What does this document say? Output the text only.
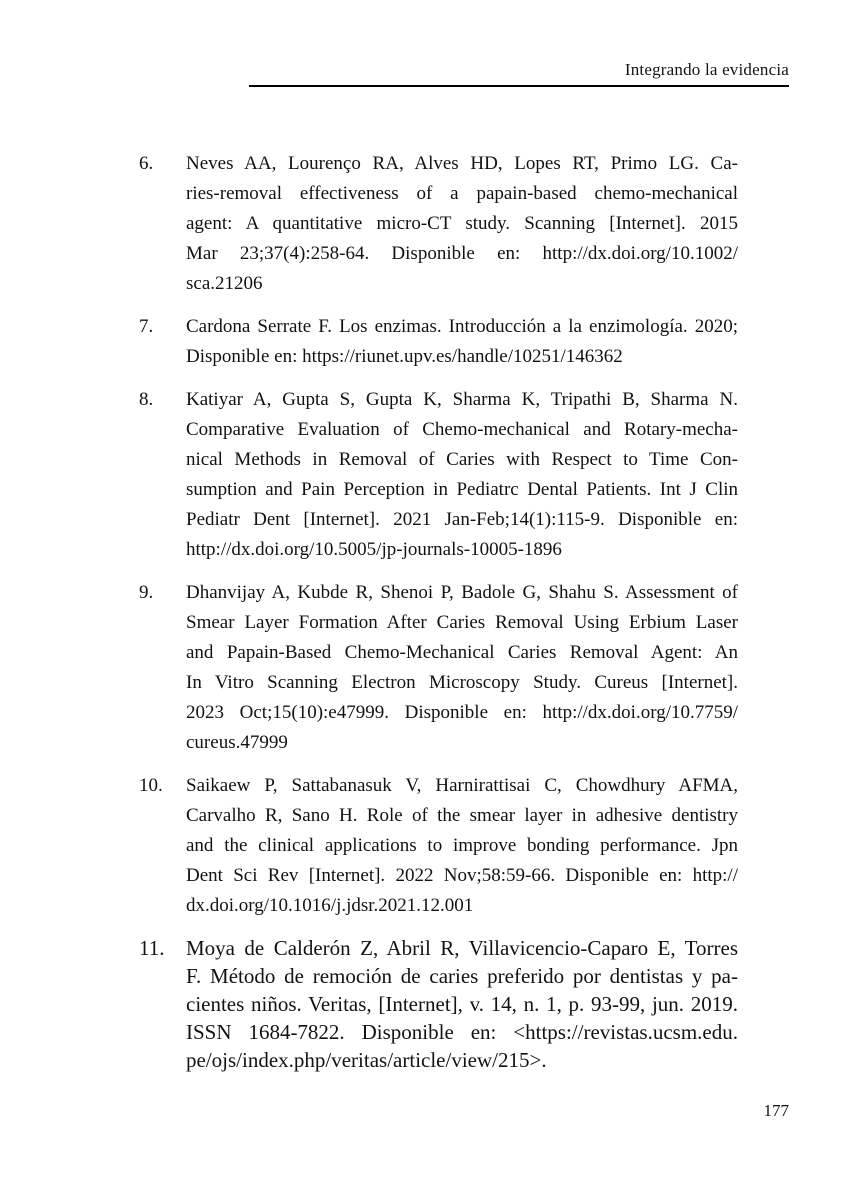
Integrando la evidencia
6.	Neves AA, Lourenço RA, Alves HD, Lopes RT, Primo LG. Ca-
ries-removal effectiveness of a papain-based chemo-mechanical
agent: A quantitative micro-CT study. Scanning [Internet]. 2015
Mar 23;37(4):258-64. Disponible en: http://dx.doi.org/10.1002/
sca.21206
7.	Cardona Serrate F. Los enzimas. Introducción a la enzimología. 2020;
Disponible en: https://riunet.upv.es/handle/10251/146362
8.	Katiyar A, Gupta S, Gupta K, Sharma K, Tripathi B, Sharma N.
Comparative Evaluation of Chemo-mechanical and Rotary-mecha-
nical Methods in Removal of Caries with Respect to Time Con-
sumption and Pain Perception in Pediatrc Dental Patients. Int J Clin
Pediatr Dent [Internet]. 2021 Jan-Feb;14(1):115-9. Disponible en:
http://dx.doi.org/10.5005/jp-journals-10005-1896
9.	Dhanvijay A, Kubde R, Shenoi P, Badole G, Shahu S. Assessment of
Smear Layer Formation After Caries Removal Using Erbium Laser
and Papain-Based Chemo-Mechanical Caries Removal Agent: An
In Vitro Scanning Electron Microscopy Study. Cureus [Internet].
2023 Oct;15(10):e47999. Disponible en: http://dx.doi.org/10.7759/
cureus.47999
10.	Saikaew P, Sattabanasuk V, Harnirattisai C, Chowdhury AFMA,
Carvalho R, Sano H. Role of the smear layer in adhesive dentistry
and the clinical applications to improve bonding performance. Jpn
Dent Sci Rev [Internet]. 2022 Nov;58:59-66. Disponible en: http://
dx.doi.org/10.1016/j.jdsr.2021.12.001
11.	Moya de Calderón Z, Abril R, Villavicencio-Caparo E, Torres
F. Método de remoción de caries preferido por dentistas y pa-
cientes niños. Veritas, [Internet], v. 14, n. 1, p. 93-99, jun. 2019.
ISSN 1684-7822. Disponible en: <https://revistas.ucsm.edu.
pe/ojs/index.php/veritas/article/view/215>.
177
